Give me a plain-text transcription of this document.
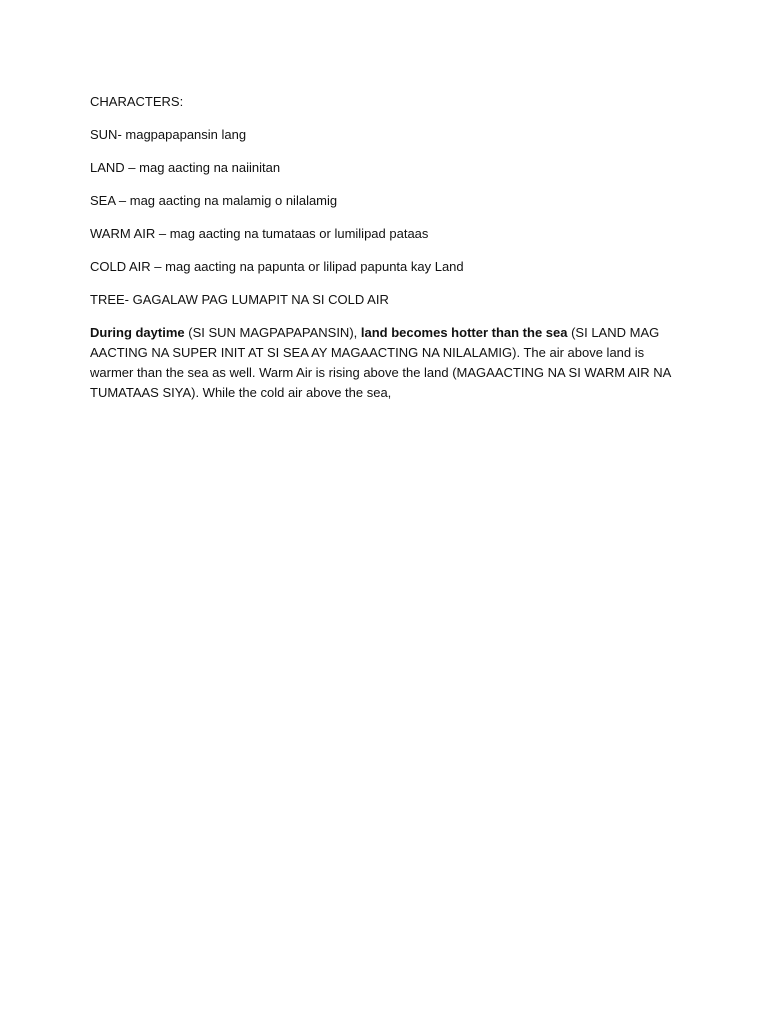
CHARACTERS:

SUN- magpapapansin lang

LAND – mag aacting na naiinitan

SEA – mag aacting na malamig o nilalamig

WARM AIR – mag aacting na tumataas or lumilipad pataas

COLD AIR – mag aacting na papunta or lilipad papunta kay Land

TREE- GAGALAW PAG LUMAPIT NA SI COLD AIR

During daytime (SI SUN MAGPAPAPANSIN), land becomes hotter than the sea (SI LAND MAG AACTING NA SUPER INIT AT SI SEA AY MAGAACTING NA NILALAMIG). The air above land is warmer than the sea as well. Warm Air is rising above the land (MAGAACTING NA SI WARM AIR NA TUMATAAS SIYA). While the cold air above the sea,
